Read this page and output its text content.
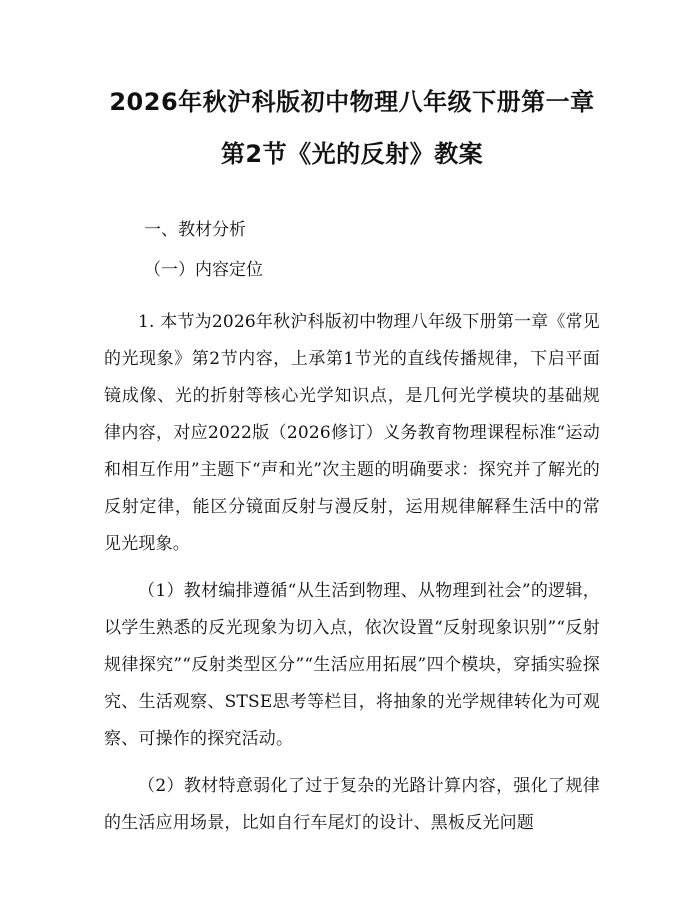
2026年秋沪科版初中物理八年级下册第一章
第2节《光的反射》教案

一、教材分析

（一）内容定位

1. 本节为2026年秋沪科版初中物理八年级下册第一章《常见的光现象》第2节内容，上承第1节光的直线传播规律，下启平面镜成像、光的折射等核心光学知识点，是几何光学模块的基础规律内容，对应2022版（2026修订）义务教育物理课程标准“运动和相互作用”主题下“声和光”次主题的明确要求：探究并了解光的反射定律，能区分镜面反射与漫反射，运用规律解释生活中的常见光现象。

（1）教材编排遵循“从生活到物理、从物理到社会”的逻辑，以学生熟悉的反光现象为切入点，依次设置“反射现象识别”“反射规律探究”“反射类型区分”“生活应用拓展”四个模块，穿插实验探究、生活观察、STSE思考等栏目，将抽象的光学规律转化为可观察、可操作的探究活动。

（2）教材特意弱化了过于复杂的光路计算内容，强化了规律的生活应用场景，比如自行车尾灯的设计、黑板反光问题
